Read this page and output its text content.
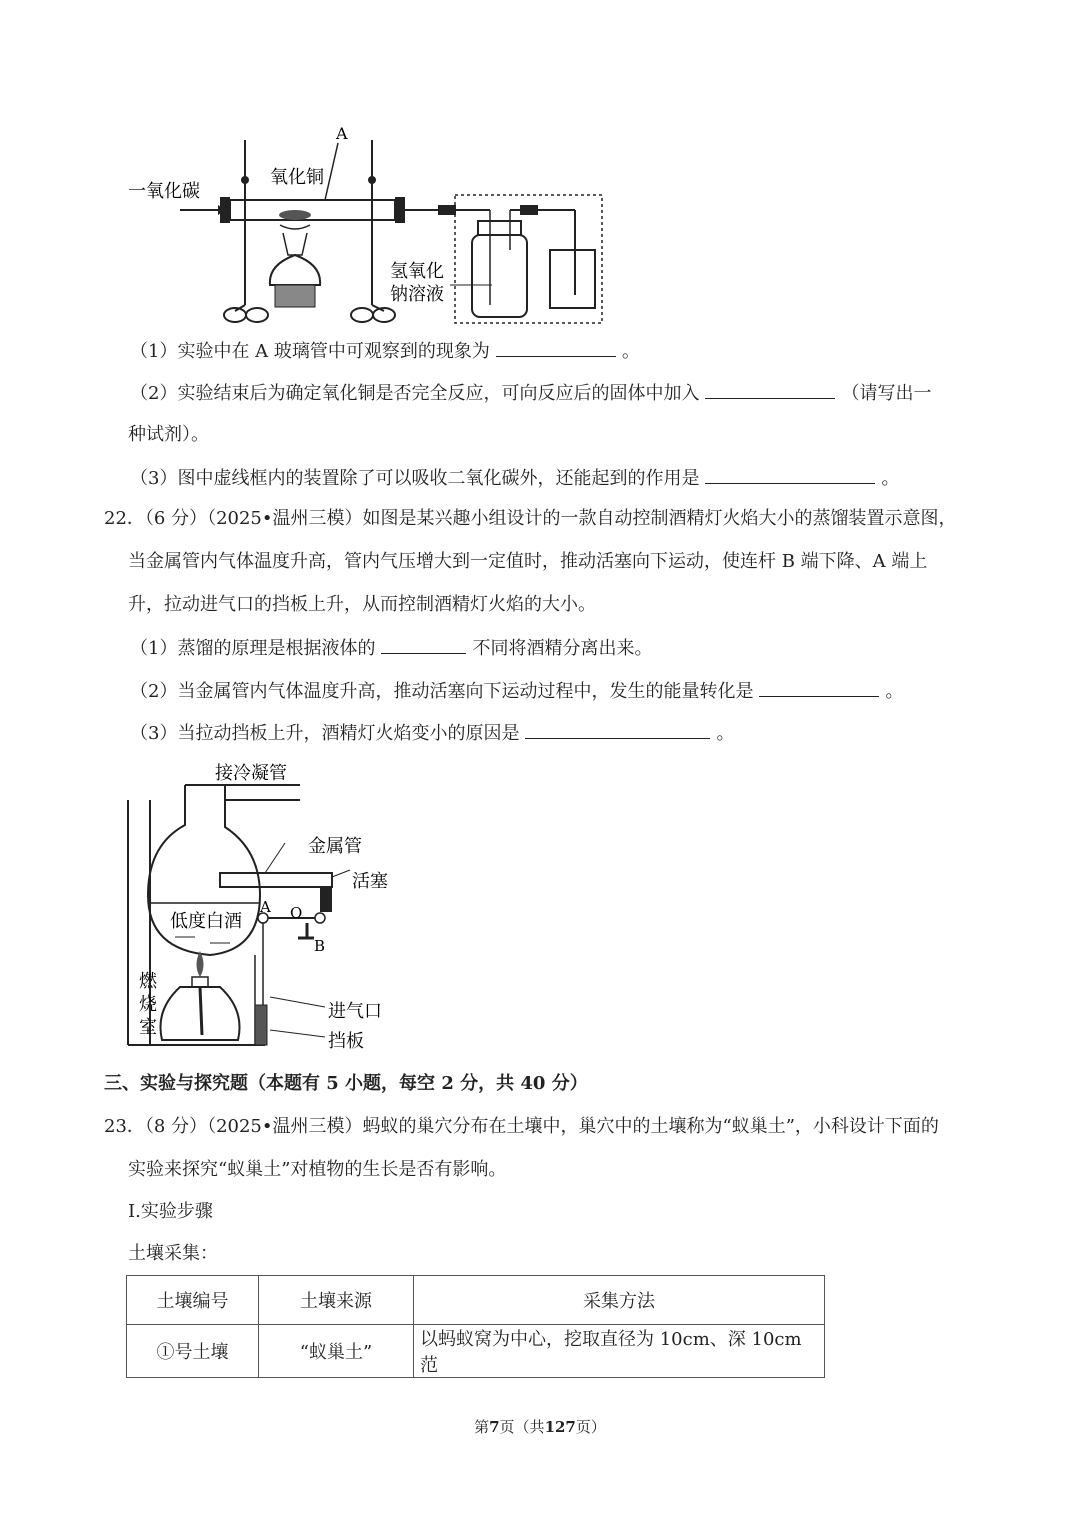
A
一氧化碳
氧化铜
氢氧化
钠溶液
（1）实验中在 A 玻璃管中可观察到的现象为	。
（2）实验结束后为确定氧化铜是否完全反应，可向反应后的固体中加入	（请写出一
种试剂）。
（3）图中虚线框内的装置除了可以吸收二氧化碳外，还能起到的作用是	。
22．（6 分）（2025•温州三模）如图是某兴趣小组设计的一款自动控制酒精灯火焰大小的蒸馏装置示意图，
当金属管内气体温度升高，管内气压增大到一定值时，推动活塞向下运动，使连杆 B 端下降、A 端上
升，拉动进气口的挡板上升，从而控制酒精灯火焰的大小。
（1）蒸馏的原理是根据液体的	不同将酒精分离出来。
（2）当金属管内气体温度升高，推动活塞向下运动过程中，发生的能量转化是	。
（3）当拉动挡板上升，酒精灯火焰变小的原因是	。
接冷凝管
金属管
活塞
低度白酒
A O
B
燃
烧
室
进气口
挡板
三、实验与探究题（本题有 5 小题，每空 2 分，共 40 分）
23．（8 分）（2025•温州三模）蚂蚁的巢穴分布在土壤中，巢穴中的土壤称为“蚁巢土”，小科设计下面的
实验来探究“蚁巢土”对植物的生长是否有影响。
Ⅰ.实验步骤
土壤采集：
土壤编号	土壤来源	采集方法
①号土壤	“蚁巢土”	以蚂蚁窝为中心，挖取直径为 10cm、深 10cm 范
第7页（共127页）
